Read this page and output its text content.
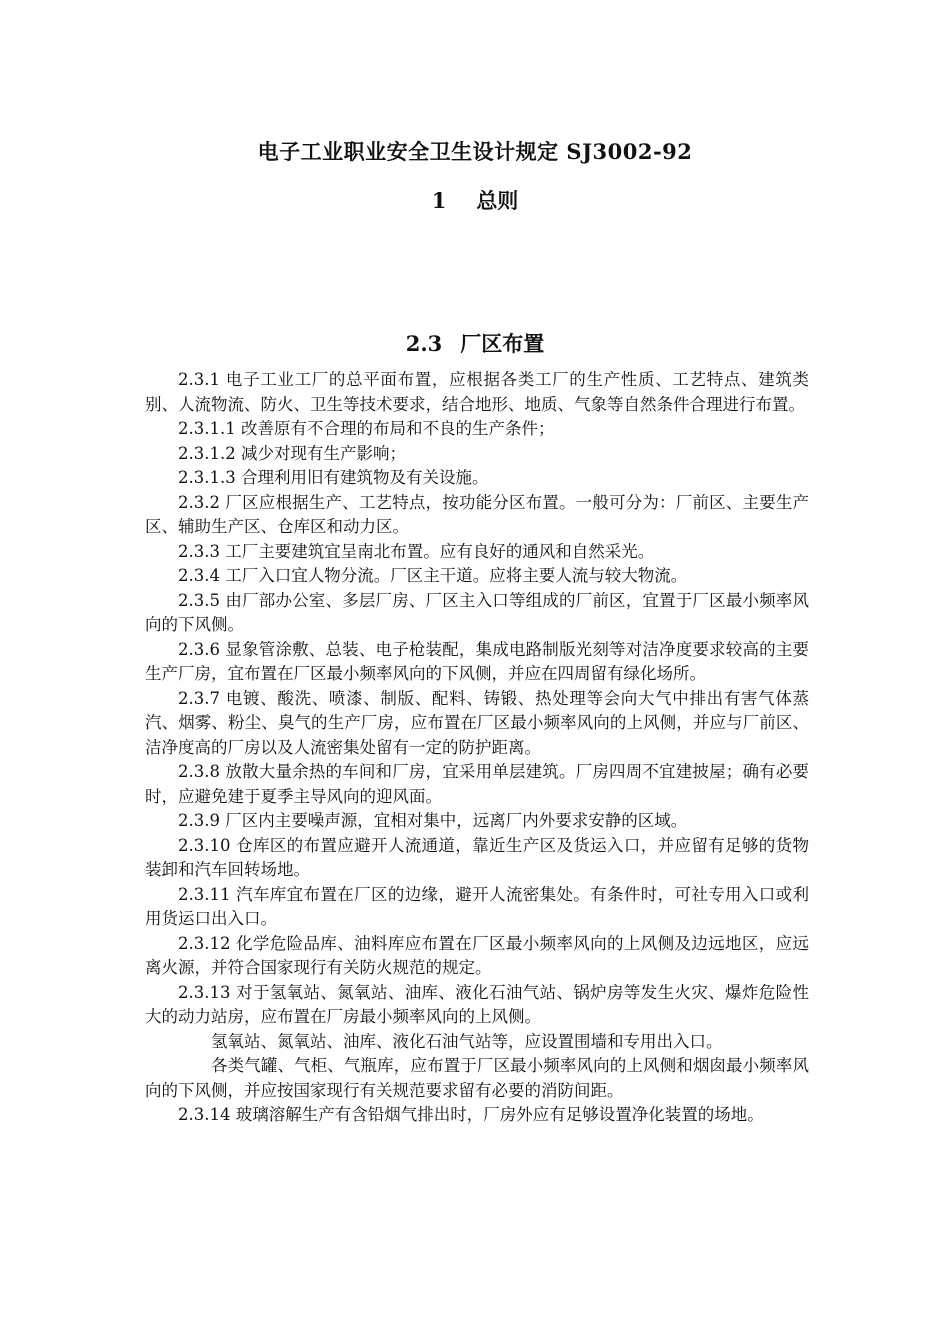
电子工业职业安全卫生设计规定 SJ3002-92
1 总则
2.3 厂区布置

2.3.1 电子工业工厂的总平面布置，应根据各类工厂的生产性质、工艺特点、建筑类别、人流物流、防火、卫生等技术要求，结合地形、地质、气象等自然条件合理进行布置。

2.3.1.1 改善原有不合理的布局和不良的生产条件；

2.3.1.2 减少对现有生产影响；

2.3.1.3 合理利用旧有建筑物及有关设施。

2.3.2 厂区应根据生产、工艺特点，按功能分区布置。一般可分为：厂前区、主要生产区、辅助生产区、仓库区和动力区。

2.3.3 工厂主要建筑宜呈南北布置。应有良好的通风和自然采光。

2.3.4 工厂入口宜人物分流。厂区主干道。应将主要人流与较大物流。

2.3.5 由厂部办公室、多层厂房、厂区主入口等组成的厂前区，宜置于厂区最小频率风向的下风侧。

2.3.6 显象管涂敷、总装、电子枪装配，集成电路制版光刻等对洁净度要求较高的主要生产厂房，宜布置在厂区最小频率风向的下风侧，并应在四周留有绿化场所。

2.3.7 电镀、酸洗、喷漆、制版、配料、铸锻、热处理等会向大气中排出有害气体蒸汽、烟雾、粉尘、臭气的生产厂房，应布置在厂区最小频率风向的上风侧，并应与厂前区、洁净度高的厂房以及人流密集处留有一定的防护距离。

2.3.8 放散大量余热的车间和厂房，宜采用单层建筑。厂房四周不宜建披屋；确有必要时，应避免建于夏季主导风向的迎风面。

2.3.9 厂区内主要噪声源，宜相对集中，远离厂内外要求安静的区域。

2.3.10 仓库区的布置应避开人流通道，靠近生产区及货运入口，并应留有足够的货物装卸和汽车回转场地。

2.3.11 汽车库宜布置在厂区的边缘，避开人流密集处。有条件时，可社专用入口或利用货运口出入口。

2.3.12 化学危险品库、油料库应布置在厂区最小频率风向的上风侧及边远地区，应远离火源，并符合国家现行有关防火规范的规定。

2.3.13 对于氢氧站、氮氧站、油库、液化石油气站、锅炉房等发生火灾、爆炸危险性大的动力站房，应布置在厂房最小频率风向的上风侧。

氢氧站、氮氧站、油库、液化石油气站等，应设置围墙和专用出入口。

各类气罐、气柜、气瓶库，应布置于厂区最小频率风向的上风侧和烟囱最小频率风向的下风侧，并应按国家现行有关规范要求留有必要的消防间距。

2.3.14 玻璃溶解生产有含铅烟气排出时，厂房外应有足够设置净化装置的场地。
